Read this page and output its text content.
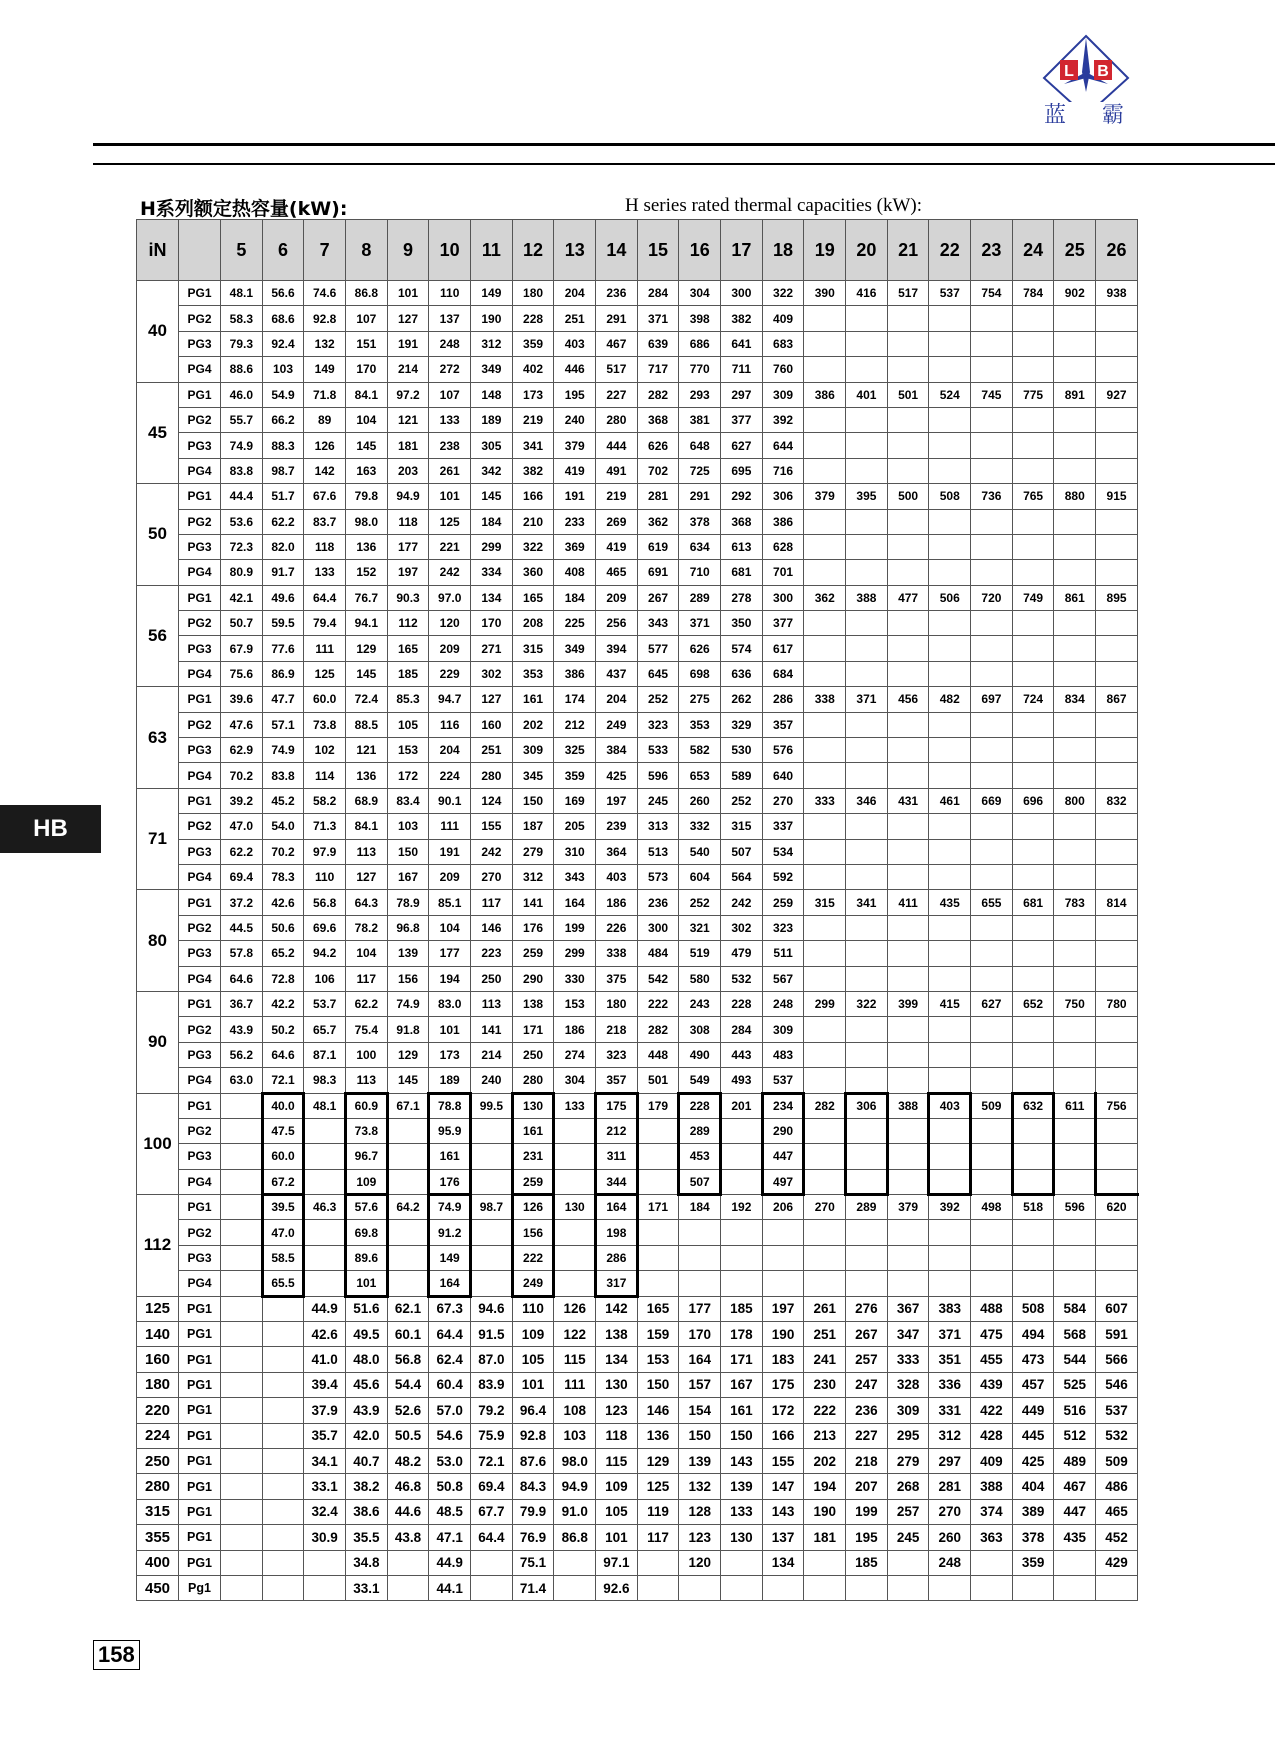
L B
蓝 霸
H系列额定热容量(kW):	H series rated thermal capacities (kW):
HB
iN		5	6	7	8	9	10	11	12	13	14	15	16	17	18	19	20	21	22	23	24	25	26
40	PG1	48.1	56.6	74.6	86.8	101	110	149	180	204	236	284	304	300	322	390	416	517	537	754	784	902	938
	PG2	58.3	68.6	92.8	107	127	137	190	228	251	291	371	398	382	409								
	PG3	79.3	92.4	132	151	191	248	312	359	403	467	639	686	641	683								
	PG4	88.6	103	149	170	214	272	349	402	446	517	717	770	711	760								
45	PG1	46.0	54.9	71.8	84.1	97.2	107	148	173	195	227	282	293	297	309	386	401	501	524	745	775	891	927
	PG2	55.7	66.2	89	104	121	133	189	219	240	280	368	381	377	392								
	PG3	74.9	88.3	126	145	181	238	305	341	379	444	626	648	627	644								
	PG4	83.8	98.7	142	163	203	261	342	382	419	491	702	725	695	716								
50	PG1	44.4	51.7	67.6	79.8	94.9	101	145	166	191	219	281	291	292	306	379	395	500	508	736	765	880	915
	PG2	53.6	62.2	83.7	98.0	118	125	184	210	233	269	362	378	368	386								
	PG3	72.3	82.0	118	136	177	221	299	322	369	419	619	634	613	628								
	PG4	80.9	91.7	133	152	197	242	334	360	408	465	691	710	681	701								
56	PG1	42.1	49.6	64.4	76.7	90.3	97.0	134	165	184	209	267	289	278	300	362	388	477	506	720	749	861	895
	PG2	50.7	59.5	79.4	94.1	112	120	170	208	225	256	343	371	350	377								
	PG3	67.9	77.6	111	129	165	209	271	315	349	394	577	626	574	617								
	PG4	75.6	86.9	125	145	185	229	302	353	386	437	645	698	636	684								
63	PG1	39.6	47.7	60.0	72.4	85.3	94.7	127	161	174	204	252	275	262	286	338	371	456	482	697	724	834	867
	PG2	47.6	57.1	73.8	88.5	105	116	160	202	212	249	323	353	329	357								
	PG3	62.9	74.9	102	121	153	204	251	309	325	384	533	582	530	576								
	PG4	70.2	83.8	114	136	172	224	280	345	359	425	596	653	589	640								
71	PG1	39.2	45.2	58.2	68.9	83.4	90.1	124	150	169	197	245	260	252	270	333	346	431	461	669	696	800	832
	PG2	47.0	54.0	71.3	84.1	103	111	155	187	205	239	313	332	315	337								
	PG3	62.2	70.2	97.9	113	150	191	242	279	310	364	513	540	507	534								
	PG4	69.4	78.3	110	127	167	209	270	312	343	403	573	604	564	592								
80	PG1	37.2	42.6	56.8	64.3	78.9	85.1	117	141	164	186	236	252	242	259	315	341	411	435	655	681	783	814
	PG2	44.5	50.6	69.6	78.2	96.8	104	146	176	199	226	300	321	302	323								
	PG3	57.8	65.2	94.2	104	139	177	223	259	299	338	484	519	479	511								
	PG4	64.6	72.8	106	117	156	194	250	290	330	375	542	580	532	567								
90	PG1	36.7	42.2	53.7	62.2	74.9	83.0	113	138	153	180	222	243	228	248	299	322	399	415	627	652	750	780
	PG2	43.9	50.2	65.7	75.4	91.8	101	141	171	186	218	282	308	284	309								
	PG3	56.2	64.6	87.1	100	129	173	214	250	274	323	448	490	443	483								
	PG4	63.0	72.1	98.3	113	145	189	240	280	304	357	501	549	493	537								
100	PG1		40.0	48.1	60.9	67.1	78.8	99.5	130	133	175	179	228	201	234	282	306	388	403	509	632	611	756
	PG2		47.5		73.8		95.9		161		212		289		290								
	PG3		60.0		96.7		161		231		311		453		447								
	PG4		67.2		109		176		259		344		507		497								
112	PG1		39.5	46.3	57.6	64.2	74.9	98.7	126	130	164	171	184	192	206	270	289	379	392	498	518	596	620
	PG2		47.0		69.8		91.2		156		198												
	PG3		58.5		89.6		149		222		286												
	PG4		65.5		101		164		249		317												
125	PG1			44.9	51.6	62.1	67.3	94.6	110	126	142	165	177	185	197	261	276	367	383	488	508	584	607
140	PG1			42.6	49.5	60.1	64.4	91.5	109	122	138	159	170	178	190	251	267	347	371	475	494	568	591
160	PG1			41.0	48.0	56.8	62.4	87.0	105	115	134	153	164	171	183	241	257	333	351	455	473	544	566
180	PG1			39.4	45.6	54.4	60.4	83.9	101	111	130	150	157	167	175	230	247	328	336	439	457	525	546
220	PG1			37.9	43.9	52.6	57.0	79.2	96.4	108	123	146	154	161	172	222	236	309	331	422	449	516	537
224	PG1			35.7	42.0	50.5	54.6	75.9	92.8	103	118	136	150	150	166	213	227	295	312	428	445	512	532
250	PG1			34.1	40.7	48.2	53.0	72.1	87.6	98.0	115	129	139	143	155	202	218	279	297	409	425	489	509
280	PG1			33.1	38.2	46.8	50.8	69.4	84.3	94.9	109	125	132	139	147	194	207	268	281	388	404	467	486
315	PG1			32.4	38.6	44.6	48.5	67.7	79.9	91.0	105	119	128	133	143	190	199	257	270	374	389	447	465
355	PG1			30.9	35.5	43.8	47.1	64.4	76.9	86.8	101	117	123	130	137	181	195	245	260	363	378	435	452
400	PG1				34.8		44.9		75.1		97.1		120		134		185		248		359		429
450	Pg1				33.1		44.1		71.4		92.6												
158
